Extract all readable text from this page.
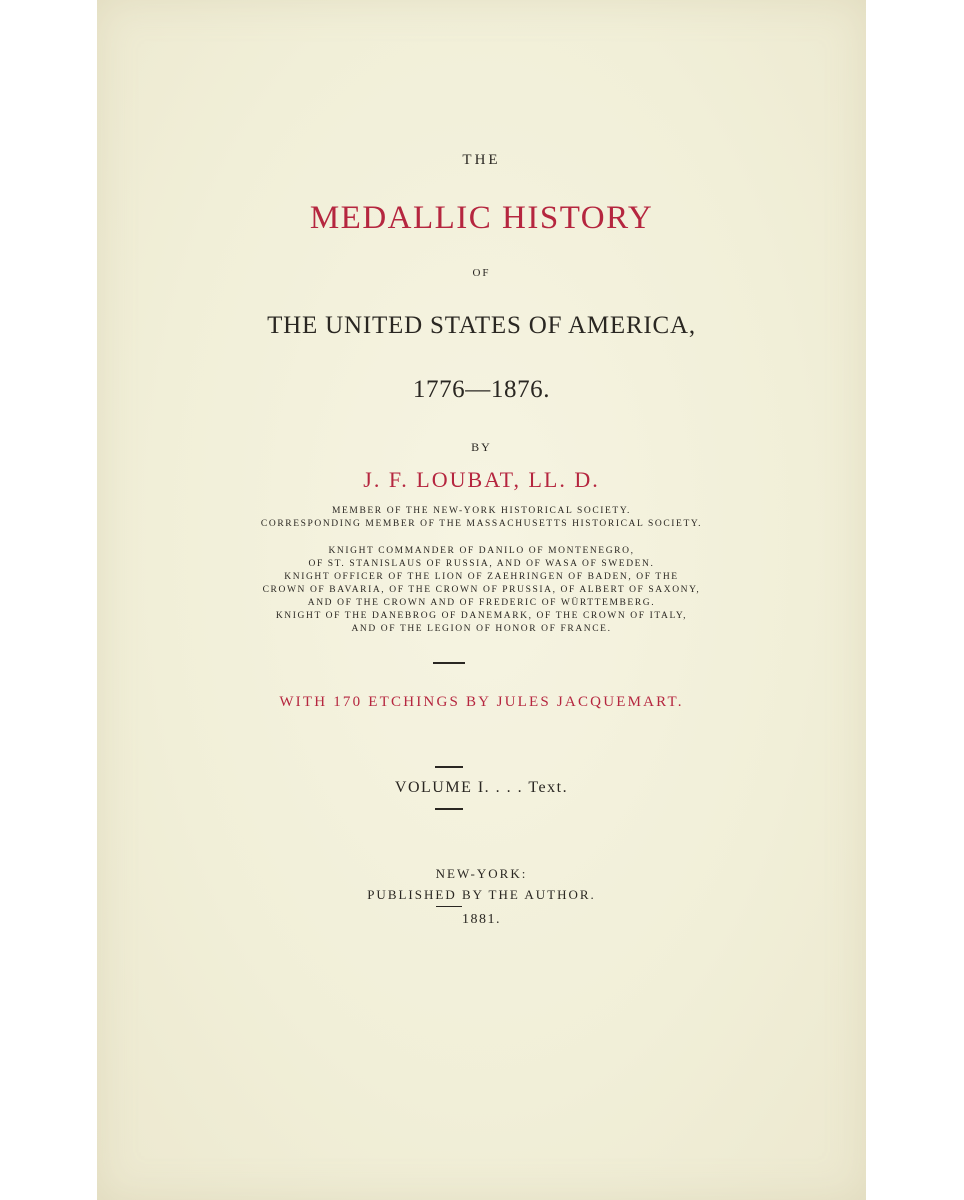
THE
MEDALLIC HISTORY
OF
THE UNITED STATES OF AMERICA,
1776—1876.
BY
J. F. LOUBAT, LL. D.
MEMBER OF THE NEW-YORK HISTORICAL SOCIETY.
CORRESPONDING MEMBER OF THE MASSACHUSETTS HISTORICAL SOCIETY.
KNIGHT COMMANDER OF DANILO OF MONTENEGRO,
OF ST. STANISLAUS OF RUSSIA, AND OF WASA OF SWEDEN.
KNIGHT OFFICER OF THE LION OF ZAEHRINGEN OF BADEN, OF THE
CROWN OF BAVARIA, OF THE CROWN OF PRUSSIA, OF ALBERT OF SAXONY,
AND OF THE CROWN AND OF FREDERIC OF WÜRTTEMBERG.
KNIGHT OF THE DANEBROG OF DANEMARK, OF THE CROWN OF ITALY,
AND OF THE LEGION OF HONOR OF FRANCE.
WITH 170 ETCHINGS BY JULES JACQUEMART.
VOLUME I. . . . Text.
NEW-YORK:
PUBLISHED BY THE AUTHOR.
1881.
